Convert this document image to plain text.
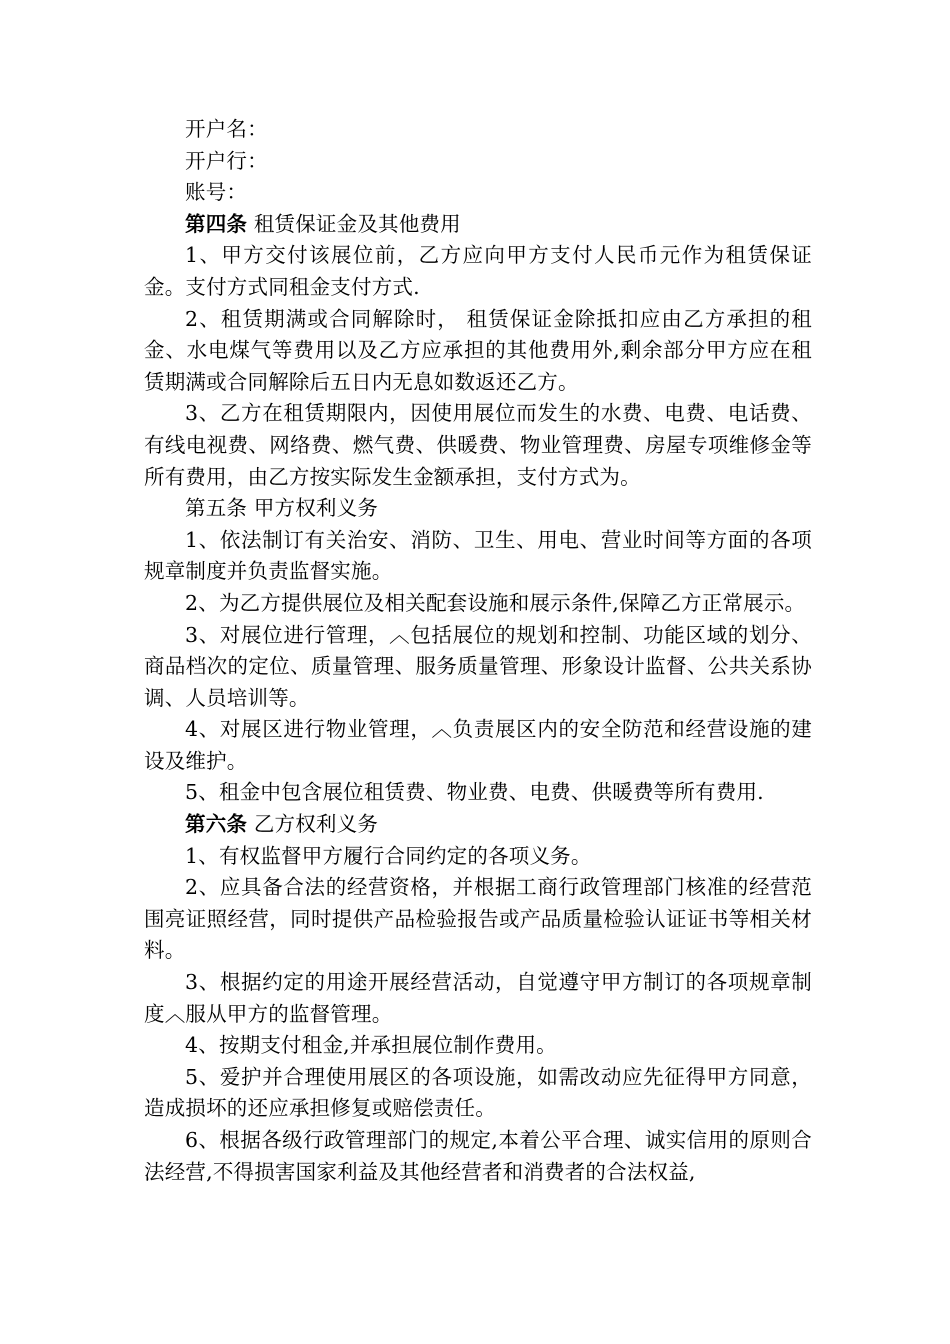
开户名：

开户行：

账号：

第四条 租赁保证金及其他费用

1、甲方交付该展位前，乙方应向甲方支付人民币元作为租赁保证金。支付方式同租金支付方式.

2、租赁期满或合同解除时， 租赁保证金除抵扣应由乙方承担的租金、水电煤气等费用以及乙方应承担的其他费用外,剩余部分甲方应在租赁期满或合同解除后五日内无息如数返还乙方。

3、乙方在租赁期限内，因使用展位而发生的水费、电费、电话费、有线电视费、网络费、燃气费、供暖费、物业管理费、房屋专项维修金等所有费用，由乙方按实际发生金额承担，支付方式为。

第五条 甲方权利义务

1、依法制订有关治安、消防、卫生、用电、营业时间等方面的各项规章制度并负责监督实施。

2、为乙方提供展位及相关配套设施和展示条件,保障乙方正常展示。

3、对展位进行管理，︿包括展位的规划和控制、功能区域的划分、商品档次的定位、质量管理、服务质量管理、形象设计监督、公共关系协调、人员培训等。

4、对展区进行物业管理，︿负责展区内的安全防范和经营设施的建设及维护。

5、租金中包含展位租赁费、物业费、电费、供暖费等所有费用.

第六条 乙方权利义务

1、有权监督甲方履行合同约定的各项义务。

2、应具备合法的经营资格，并根据工商行政管理部门核准的经营范围亮证照经营，同时提供产品检验报告或产品质量检验认证证书等相关材料。

3、根据约定的用途开展经营活动，自觉遵守甲方制订的各项规章制度︿服从甲方的监督管理。

4、按期支付租金,并承担展位制作费用。

5、爱护并合理使用展区的各项设施，如需改动应先征得甲方同意，造成损坏的还应承担修复或赔偿责任。

6、根据各级行政管理部门的规定,本着公平合理、诚实信用的原则合法经营,不得损害国家利益及其他经营者和消费者的合法权益,
